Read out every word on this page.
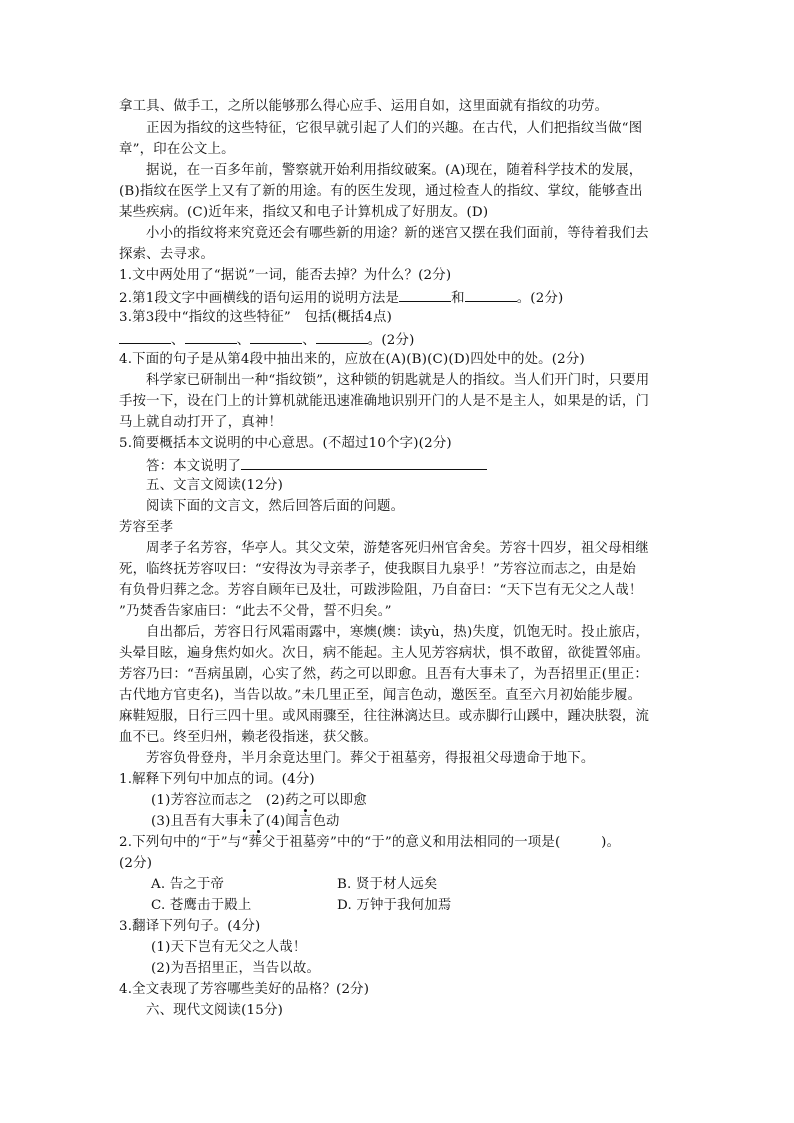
拿工具、做手工，之所以能够那么得心应手、运用自如，这里面就有指纹的功劳。
正因为指纹的这些特征，它很早就引起了人们的兴趣。在古代，人们把指纹当做“图
章”，印在公文上。
据说，在一百多年前，警察就开始利用指纹破案。(A)现在，随着科学技术的发展，
(B)指纹在医学上又有了新的用途。有的医生发现，通过检查人的指纹、掌纹，能够查出
某些疾病。(C)近年来，指纹又和电子计算机成了好朋友。(D)
小小的指纹将来究竟还会有哪些新的用途？新的迷宫又摆在我们面前，等待着我们去
探索、去寻求。
1.文中两处用了“据说”一词，能否去掉？为什么？(2分)
2.第1段文字中画横线的语句运用的说明方法是	和	。(2分)
3.第3段中“指纹的这些特征”　包括(概括4点)
、	、	、	。(2分)
4.下面的句子是从第4段中抽出来的，应放在(A)(B)(C)(D)四处中的处。(2分)
科学家已研制出一种“指纹锁”，这种锁的钥匙就是人的指纹。当人们开门时，只要用
手按一下，设在门上的计算机就能迅速准确地识别开门的人是不是主人，如果是的话，门
马上就自动打开了，真神！
5.简要概括本文说明的中心意思。(不超过10个字)(2分)
答：本文说明了
五、文言文阅读(12分)
阅读下面的文言文，然后回答后面的问题。
芳容至孝
周孝子名芳容，华亭人。其父文荣，游楚客死归州官舍矣。芳容十四岁，祖父母相继
死，临终抚芳容叹曰：“安得汝为寻亲孝子，使我瞑目九泉乎！”芳容泣而志之，由是始
有负骨归葬之念。芳容自顾年已及壮，可跋涉险阻，乃自奋曰：“天下岂有无父之人哉！
”乃焚香告家庙曰：“此去不父骨，誓不归矣。”
自出都后，芳容日行风霜雨露中，寒燠(燠：读yù，热)失度，饥饱无时。投止旅店，
头晕目眩，遍身焦灼如火。次日，病不能起。主人见芳容病状，惧不敢留，欲徙置邻庙。
芳容乃曰：“吾病虽剧，心实了然，药之可以即愈。且吾有大事未了，为吾招里正(里正：
古代地方官吏名)，当告以故。”未几里正至，闻言色动，邀医至。直至六月初始能步履。
麻鞋短服，日行三四十里。或风雨骤至，往往淋漓达旦。或赤脚行山蹊中，踵决肤裂，流
血不已。终至归州，赖老役指迷，获父骸。
芳容负骨登舟，半月余竟达里门。葬父于祖墓旁，得报祖父母遗命于地下。
1.解释下列句中加点的词。(4分)
(1)芳容泣而志之　(2)药之可以即愈
(3)且吾有大事未了(4)闻言色动
2.下列句中的“于”与“葬父于祖墓旁”中的“于”的意义和用法相同的一项是(　　　)。
(2分)
A. 告之于帝	B. 贤于材人远矣
C. 苍鹰击于殿上	D. 万钟于我何加焉
3.翻译下列句子。(4分)
(1)天下岂有无父之人哉！
(2)为吾招里正，当告以故。
4.全文表现了芳容哪些美好的品格？(2分)
六、现代文阅读(15分)
